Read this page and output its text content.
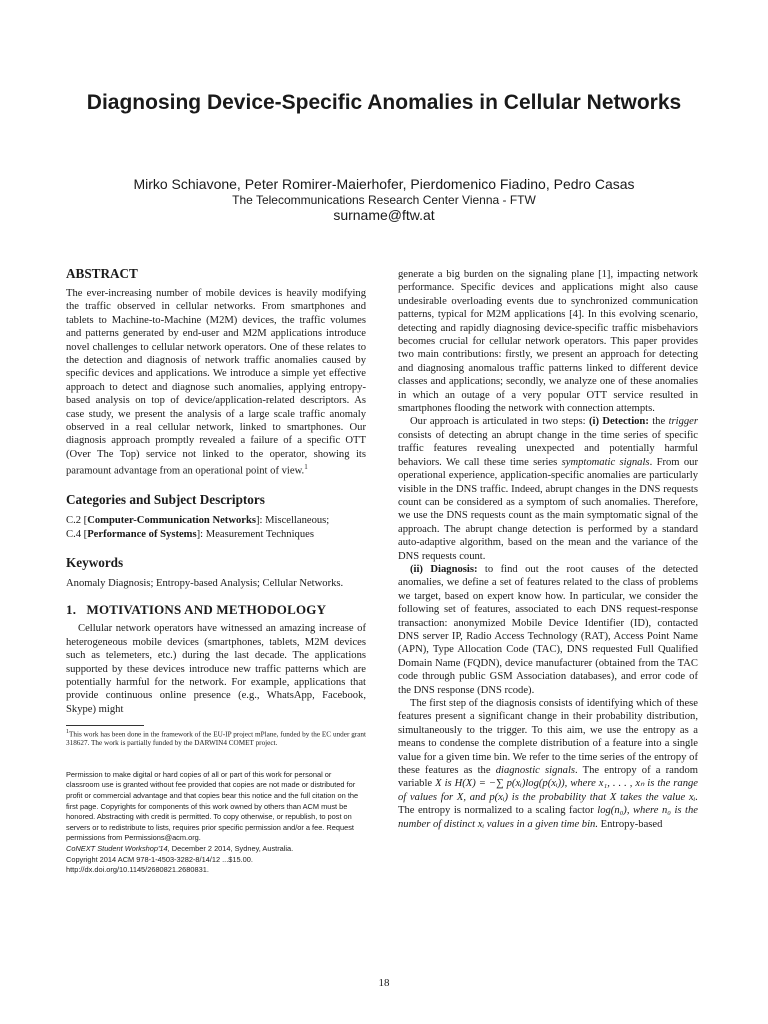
Diagnosing Device-Specific Anomalies in Cellular Networks
Mirko Schiavone, Peter Romirer-Maierhofer, Pierdomenico Fiadino, Pedro Casas
The Telecommunications Research Center Vienna - FTW
surname@ftw.at
ABSTRACT

The ever-increasing number of mobile devices is heavily modifying the traffic observed in cellular networks. From smartphones and tablets to Machine-to-Machine (M2M) devices, the traffic volumes and patterns generated by end-user and M2M applications introduce novel challenges to cellular network operators. One of these relates to the detection and diagnosis of network traffic anomalies caused by specific devices and applications. We introduce a simple yet effective approach to detect and diagnose such anomalies, applying entropy-based analysis on top of device/application-related descriptors. As case study, we present the analysis of a large scale traffic anomaly observed in a real cellular network, linked to smartphones. Our diagnosis approach promptly revealed a failure of a specific OTT (Over The Top) service not linked to the operator, showing its paramount advantage from an operational point of view.$^1$

Categories and Subject Descriptors

C.2 [Computer-Communication Networks]: Miscellaneous;

C.4 [Performance of Systems]: Measurement Techniques

Keywords

Anomaly Diagnosis; Entropy-based Analysis; Cellular Networks.

1.   MOTIVATIONS AND METHODOLOGY

Cellular network operators have witnessed an amazing increase of heterogeneous mobile devices (smartphones, tablets, M2M devices such as telemeters, etc.) during the last decade. The applications supported by these devices introduce new traffic patterns which are potentially harmful for the network. For example, applications that provide continuous online presence (e.g., WhatsApp, Facebook, Skype) might

$^1$This work has been done in the framework of the EU-IP project mPlane, funded by the EC under grant 318627. The work is partially funded by the DARWIN4 COMET project.

Permission to make digital or hard copies of all or part of this work for personal or classroom use is granted without fee provided that copies are not made or distributed for profit or commercial advantage and that copies bear this notice and the full citation on the first page. Copyrights for components of this work owned by others than ACM must be honored. Abstracting with credit is permitted. To copy otherwise, or republish, to post on servers or to redistribute to lists, requires prior specific permission and/or a fee. Request permissions from Permissions@acm.org.
CoNEXT Student Workshop'14, December 2 2014, Sydney, Australia.
Copyright 2014 ACM 978-1-4503-3282-8/14/12 ...$15.00.
http://dx.doi.org/10.1145/2680821.2680831.

generate a big burden on the signaling plane [1], impacting network performance. Specific devices and applications might also cause undesirable overloading events due to synchronized communication patterns, typical for M2M applications [4]. In this evolving scenario, detecting and rapidly diagnosing device-specific traffic misbehaviors becomes crucial for cellular network operators. This paper provides two main contributions: firstly, we present an approach for detecting and diagnosing anomalous traffic patterns linked to different device classes and applications; secondly, we analyze one of these anomalies in which an outage of a very popular OTT service resulted in smartphones flooding the network with connection attempts.

Our approach is articulated in two steps: (i) Detection: the trigger consists of detecting an abrupt change in the time series of specific traffic features revealing unexpected and potentially harmful behaviors. We call these time series symptomatic signals. From our operational experience, application-specific anomalies are particularly visible in the DNS traffic. Indeed, abrupt changes in the DNS requests count can be considered as a symptom of such anomalies. Therefore, we use the DNS requests count as the main symptomatic signal of the approach. The abrupt change detection is performed by a standard auto-adaptive algorithm, based on the mean and the variance of the DNS requests count.

(ii) Diagnosis: to find out the root causes of the detected anomalies, we define a set of features related to the class of problems we target, based on expert know how. In particular, we consider the following set of features, associated to each DNS request-response transaction: anonymized Mobile Device Identifier (ID), contacted DNS server IP, Radio Access Technology (RAT), Access Point Name (APN), Type Allocation Code (TAC), DNS requested Full Qualified Domain Name (FQDN), device manufacturer (obtained from the TAC code through public GSM Association databases), and error code of the DNS response (DNS rcode).

The first step of the diagnosis consists of identifying which of these features present a significant change in their probability distribution, simultaneously to the trigger. To this aim, we use the entropy as a means to condense the complete distribution of a feature into a single value for a given time bin. We refer to the time series of the entropy of these features as the diagnostic signals. The entropy of a random variable X is H(X) = −∑ p(xᵢ)log(p(xᵢ)), where x₁, . . . , xₙ is the range of values for X, and p(xᵢ) is the probability that X takes the value xᵢ. The entropy is normalized to a scaling factor log(n₀), where n₀ is the number of distinct xᵢ values in a given time bin. Entropy-based

18
